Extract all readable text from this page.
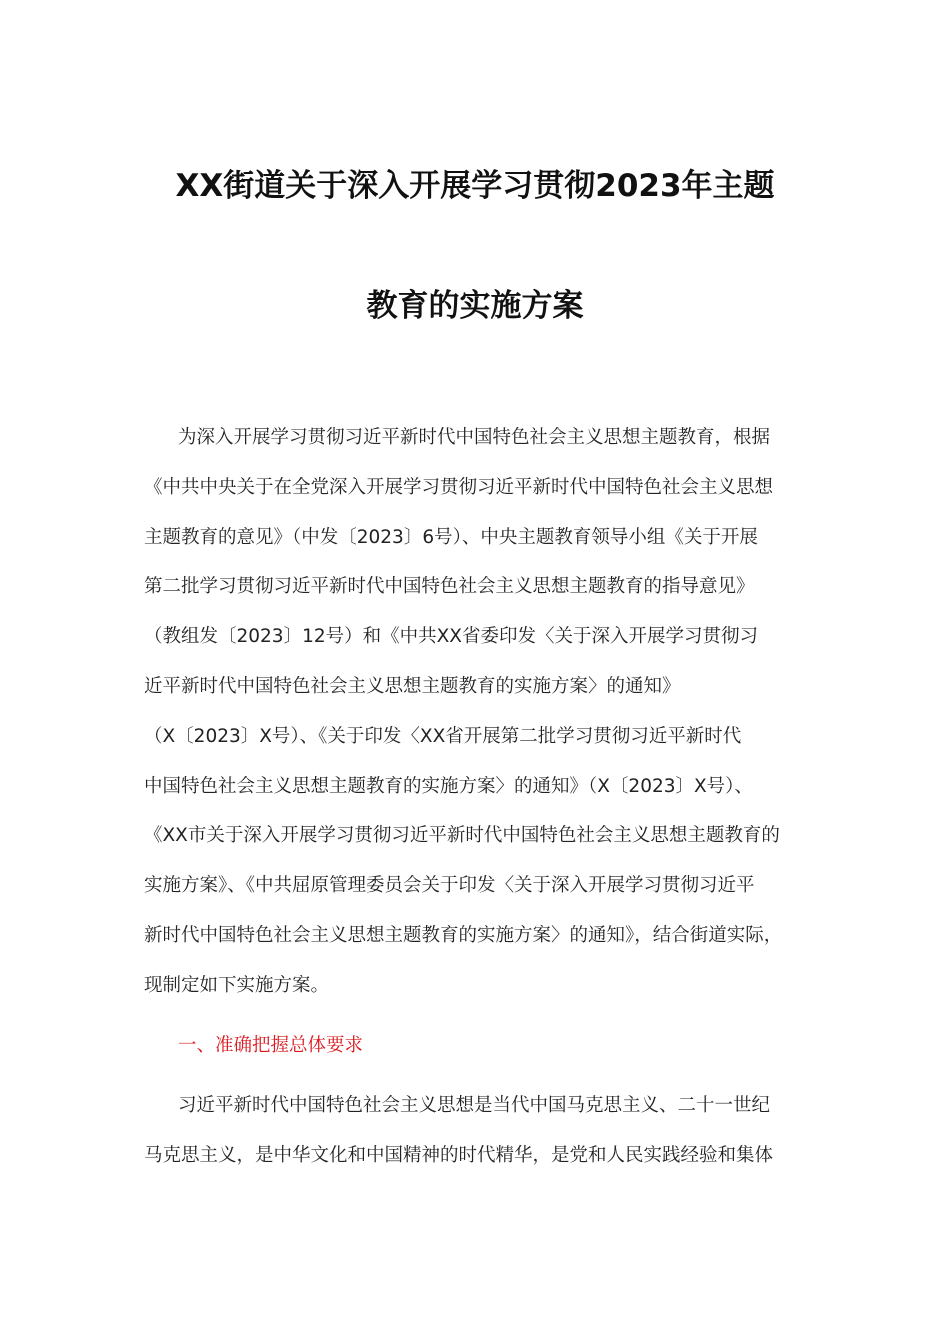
XX街道关于深入开展学习贯彻2023年主题
教育的实施方案
为深入开展学习贯彻习近平新时代中国特色社会主义思想主题教育，根据
《中共中央关于在全党深入开展学习贯彻习近平新时代中国特色社会主义思想
主题教育的意见》（中发〔2023〕6号）、中央主题教育领导小组《关于开展
第二批学习贯彻习近平新时代中国特色社会主义思想主题教育的指导意见》
（教组发〔2023〕12号）和《中共XX省委印发〈关于深入开展学习贯彻习
近平新时代中国特色社会主义思想主题教育的实施方案〉的通知》
（X〔2023〕X号）、《关于印发〈XX省开展第二批学习贯彻习近平新时代
中国特色社会主义思想主题教育的实施方案〉的通知》（X〔2023〕X号）、
《XX市关于深入开展学习贯彻习近平新时代中国特色社会主义思想主题教育的
实施方案》、《中共屈原管理委员会关于印发〈关于深入开展学习贯彻习近平
新时代中国特色社会主义思想主题教育的实施方案〉的通知》，结合街道实际，
现制定如下实施方案。
一、准确把握总体要求
习近平新时代中国特色社会主义思想是当代中国马克思主义、二十一世纪
马克思主义，是中华文化和中国精神的时代精华，是党和人民实践经验和集体
